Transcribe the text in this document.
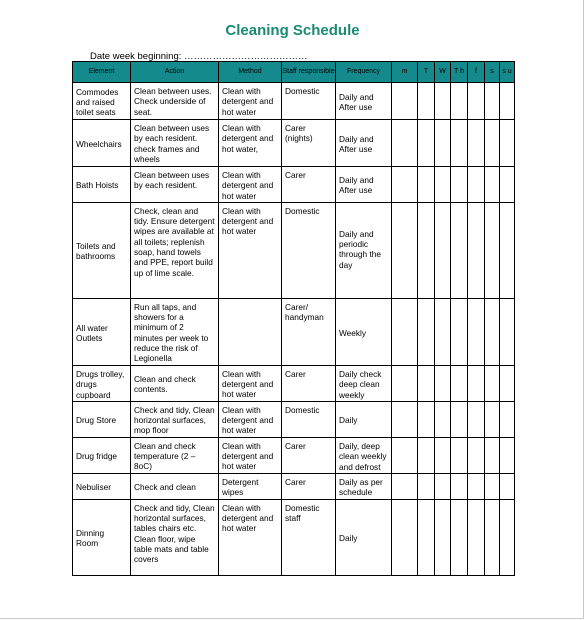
Cleaning Schedule
Date week beginning: …………………………………
Element	Action	Method	Staff responsible	Frequency	m	T	W	T h	f	s	s u

Commodes and raised toilet seats	Clean between uses. Check underside of seat.	Clean with detergent and hot water	Domestic	Daily and After use							

Wheelchairs	Clean between uses by each resident. check frames and wheels	Clean with detergent and hot water,	Carer (nights)	Daily and After use							

Bath Hoists	Clean between uses by each resident.	Clean with detergent and hot water	Carer	Daily and After use							

Toilets and bathrooms	Check, clean and tidy. Ensure detergent wipes are available at all toilets; replenish soap, hand towels and PPE, report build up of lime scale.	Clean with detergent and hot water	Domestic	Daily and periodic through the day							

All water Outlets	Run all taps, and showers for a minimum of 2 minutes per week to reduce the risk of Legionella		Carer/ handyman	Weekly							

Drugs trolley, drugs cupboard	Clean and check contents.	Clean with detergent and hot water	Carer	Daily check deep clean weekly							

Drug Store	Check and tidy, Clean horizontal surfaces, mop floor	Clean with detergent and hot water	Domestic	Daily							

Drug fridge	Clean and check temperature (2 – 8oC)	Clean with detergent and hot water	Carer	Daily, deep clean weekly and defrost							

Nebuliser	Check and clean	Detergent wipes	Carer	Daily as per schedule							

Dinning Room	Check and tidy, Clean horizontal surfaces, tables chairs etc. Clean floor, wipe table mats and table covers	Clean with detergent and hot water	Domestic staff	Daily							
